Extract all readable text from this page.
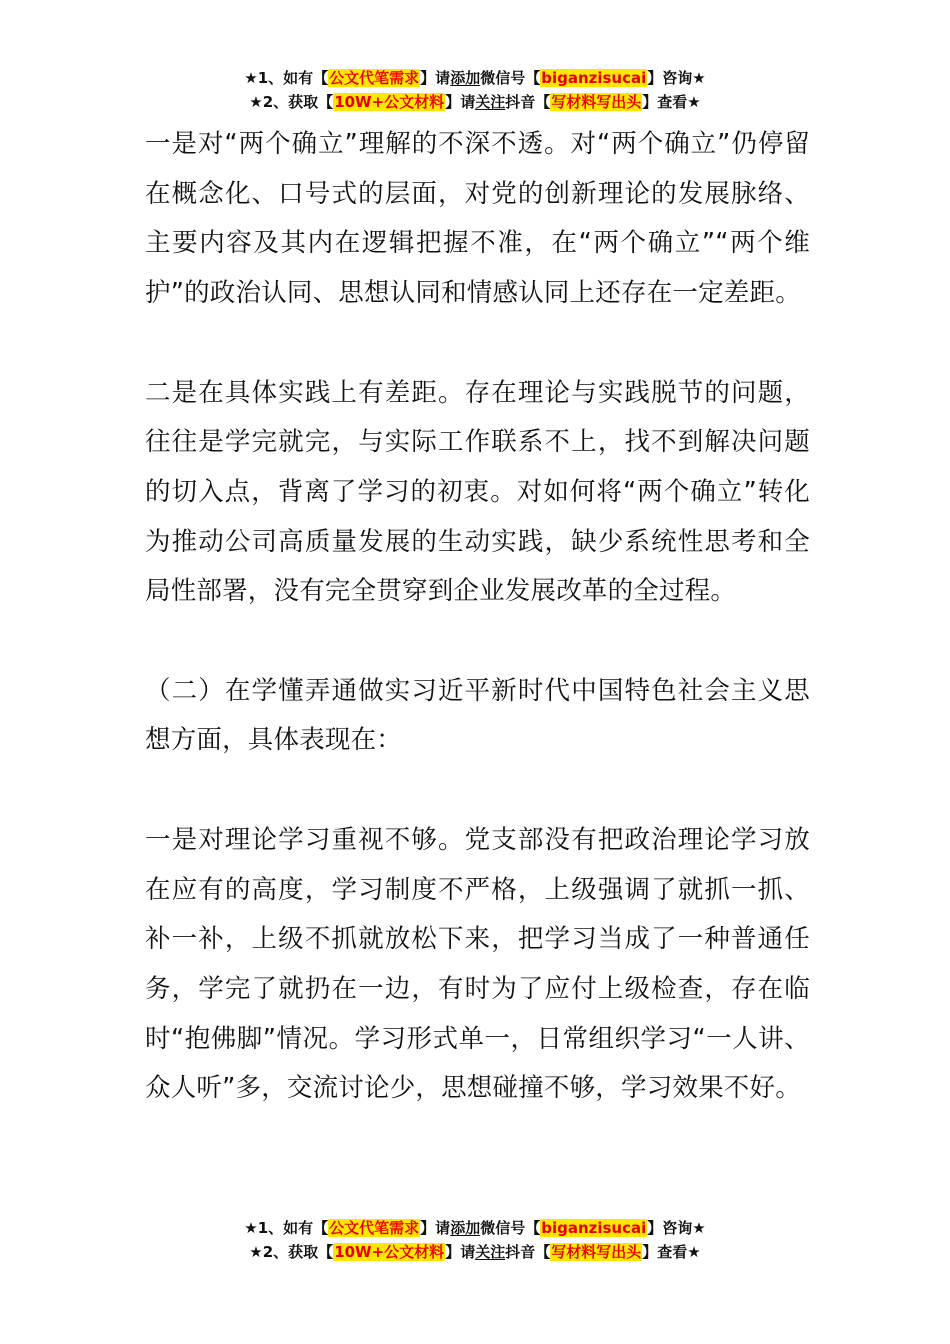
★1、如有【公文代笔需求】请添加微信号【biganzisucai】咨询★
★2、获取【10W+公文材料】请关注抖音【写材料写出头】查看★

一是对“两个确立”理解的不深不透。对“两个确立”仍停留在概念化、口号式的层面，对党的创新理论的发展脉络、主要内容及其内在逻辑把握不准，在“两个确立”“两个维护”的政治认同、思想认同和情感认同上还存在一定差距。

二是在具体实践上有差距。存在理论与实践脱节的问题，往往是学完就完，与实际工作联系不上，找不到解决问题的切入点，背离了学习的初衷。对如何将“两个确立”转化为推动公司高质量发展的生动实践，缺少系统性思考和全局性部署，没有完全贯穿到企业发展改革的全过程。

（二）在学懂弄通做实习近平新时代中国特色社会主义思想方面，具体表现在：

一是对理论学习重视不够。党支部没有把政治理论学习放在应有的高度，学习制度不严格，上级强调了就抓一抓、补一补，上级不抓就放松下来，把学习当成了一种普通任务，学完了就扔在一边，有时为了应付上级检查，存在临时“抱佛脚”情况。学习形式单一，日常组织学习“一人讲、众人听”多，交流讨论少，思想碰撞不够，学习效果不好。

★1、如有【公文代笔需求】请添加微信号【biganzisucai】咨询★
★2、获取【10W+公文材料】请关注抖音【写材料写出头】查看★
